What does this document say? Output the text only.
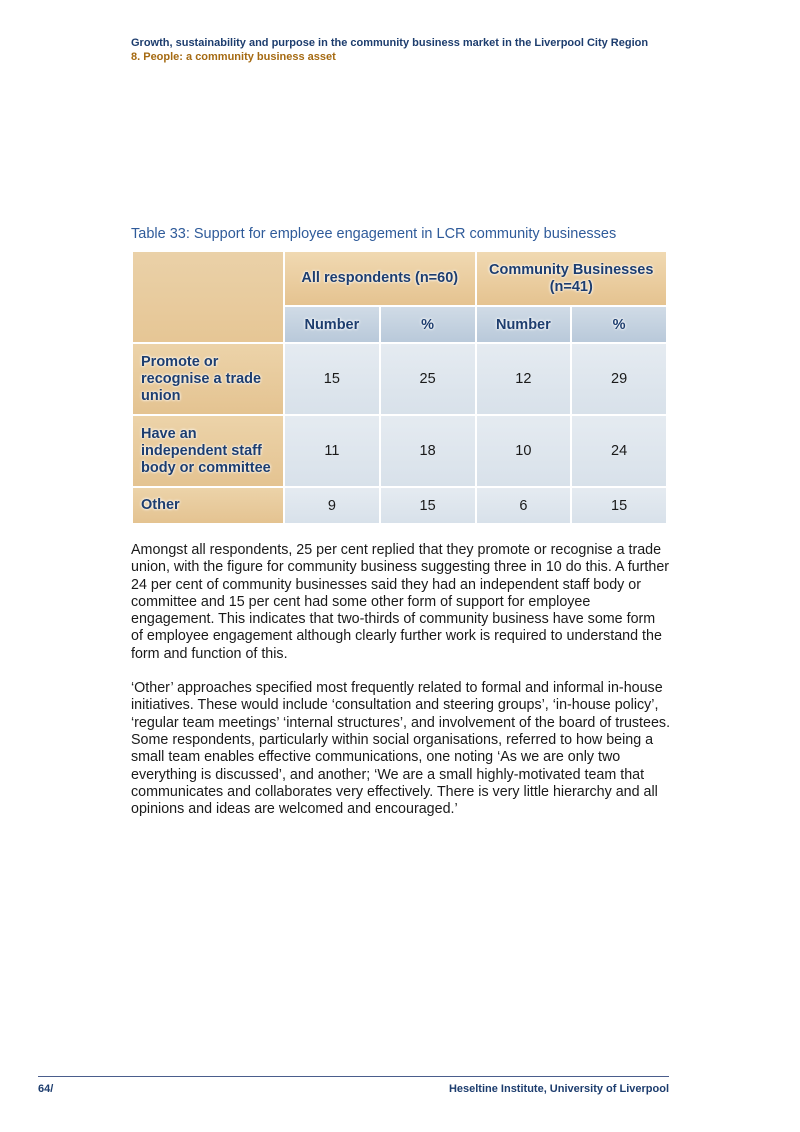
Growth, sustainability and purpose in the community business market in the Liverpool City Region
8. People: a community business asset
Table 33: Support for employee engagement in LCR community businesses
	All respondents (n=60)		Community Businesses (n=41)	
	Number	%	Number	%
Promote or recognise a trade union	15	25	12	29
Have an independent staff body or committee	11	18	10	24
Other	9	15	6	15

Amongst all respondents, 25 per cent replied that they promote or recognise a trade union, with the figure for community business suggesting three in 10 do this. A further 24 per cent of community businesses said they had an independent staff body or committee and 15 per cent had some other form of support for employee engagement. This indicates that two-thirds of community business have some form of employee engagement although clearly further work is required to understand the form and function of this.

‘Other’ approaches specified most frequently related to formal and informal in-house initiatives. These would include ‘consultation and steering groups’, ‘in-house policy’, ‘regular team meetings’ ‘internal structures’, and involvement of the board of trustees. Some respondents, particularly within social organisations, referred to how being a small team enables effective communications, one noting ‘As we are only two everything is discussed’, and another; ‘We are a small highly-motivated team that communicates and collaborates very effectively. There is very little hierarchy and all opinions and ideas are welcomed and encouraged.’

64/	Heseltine Institute, University of Liverpool
